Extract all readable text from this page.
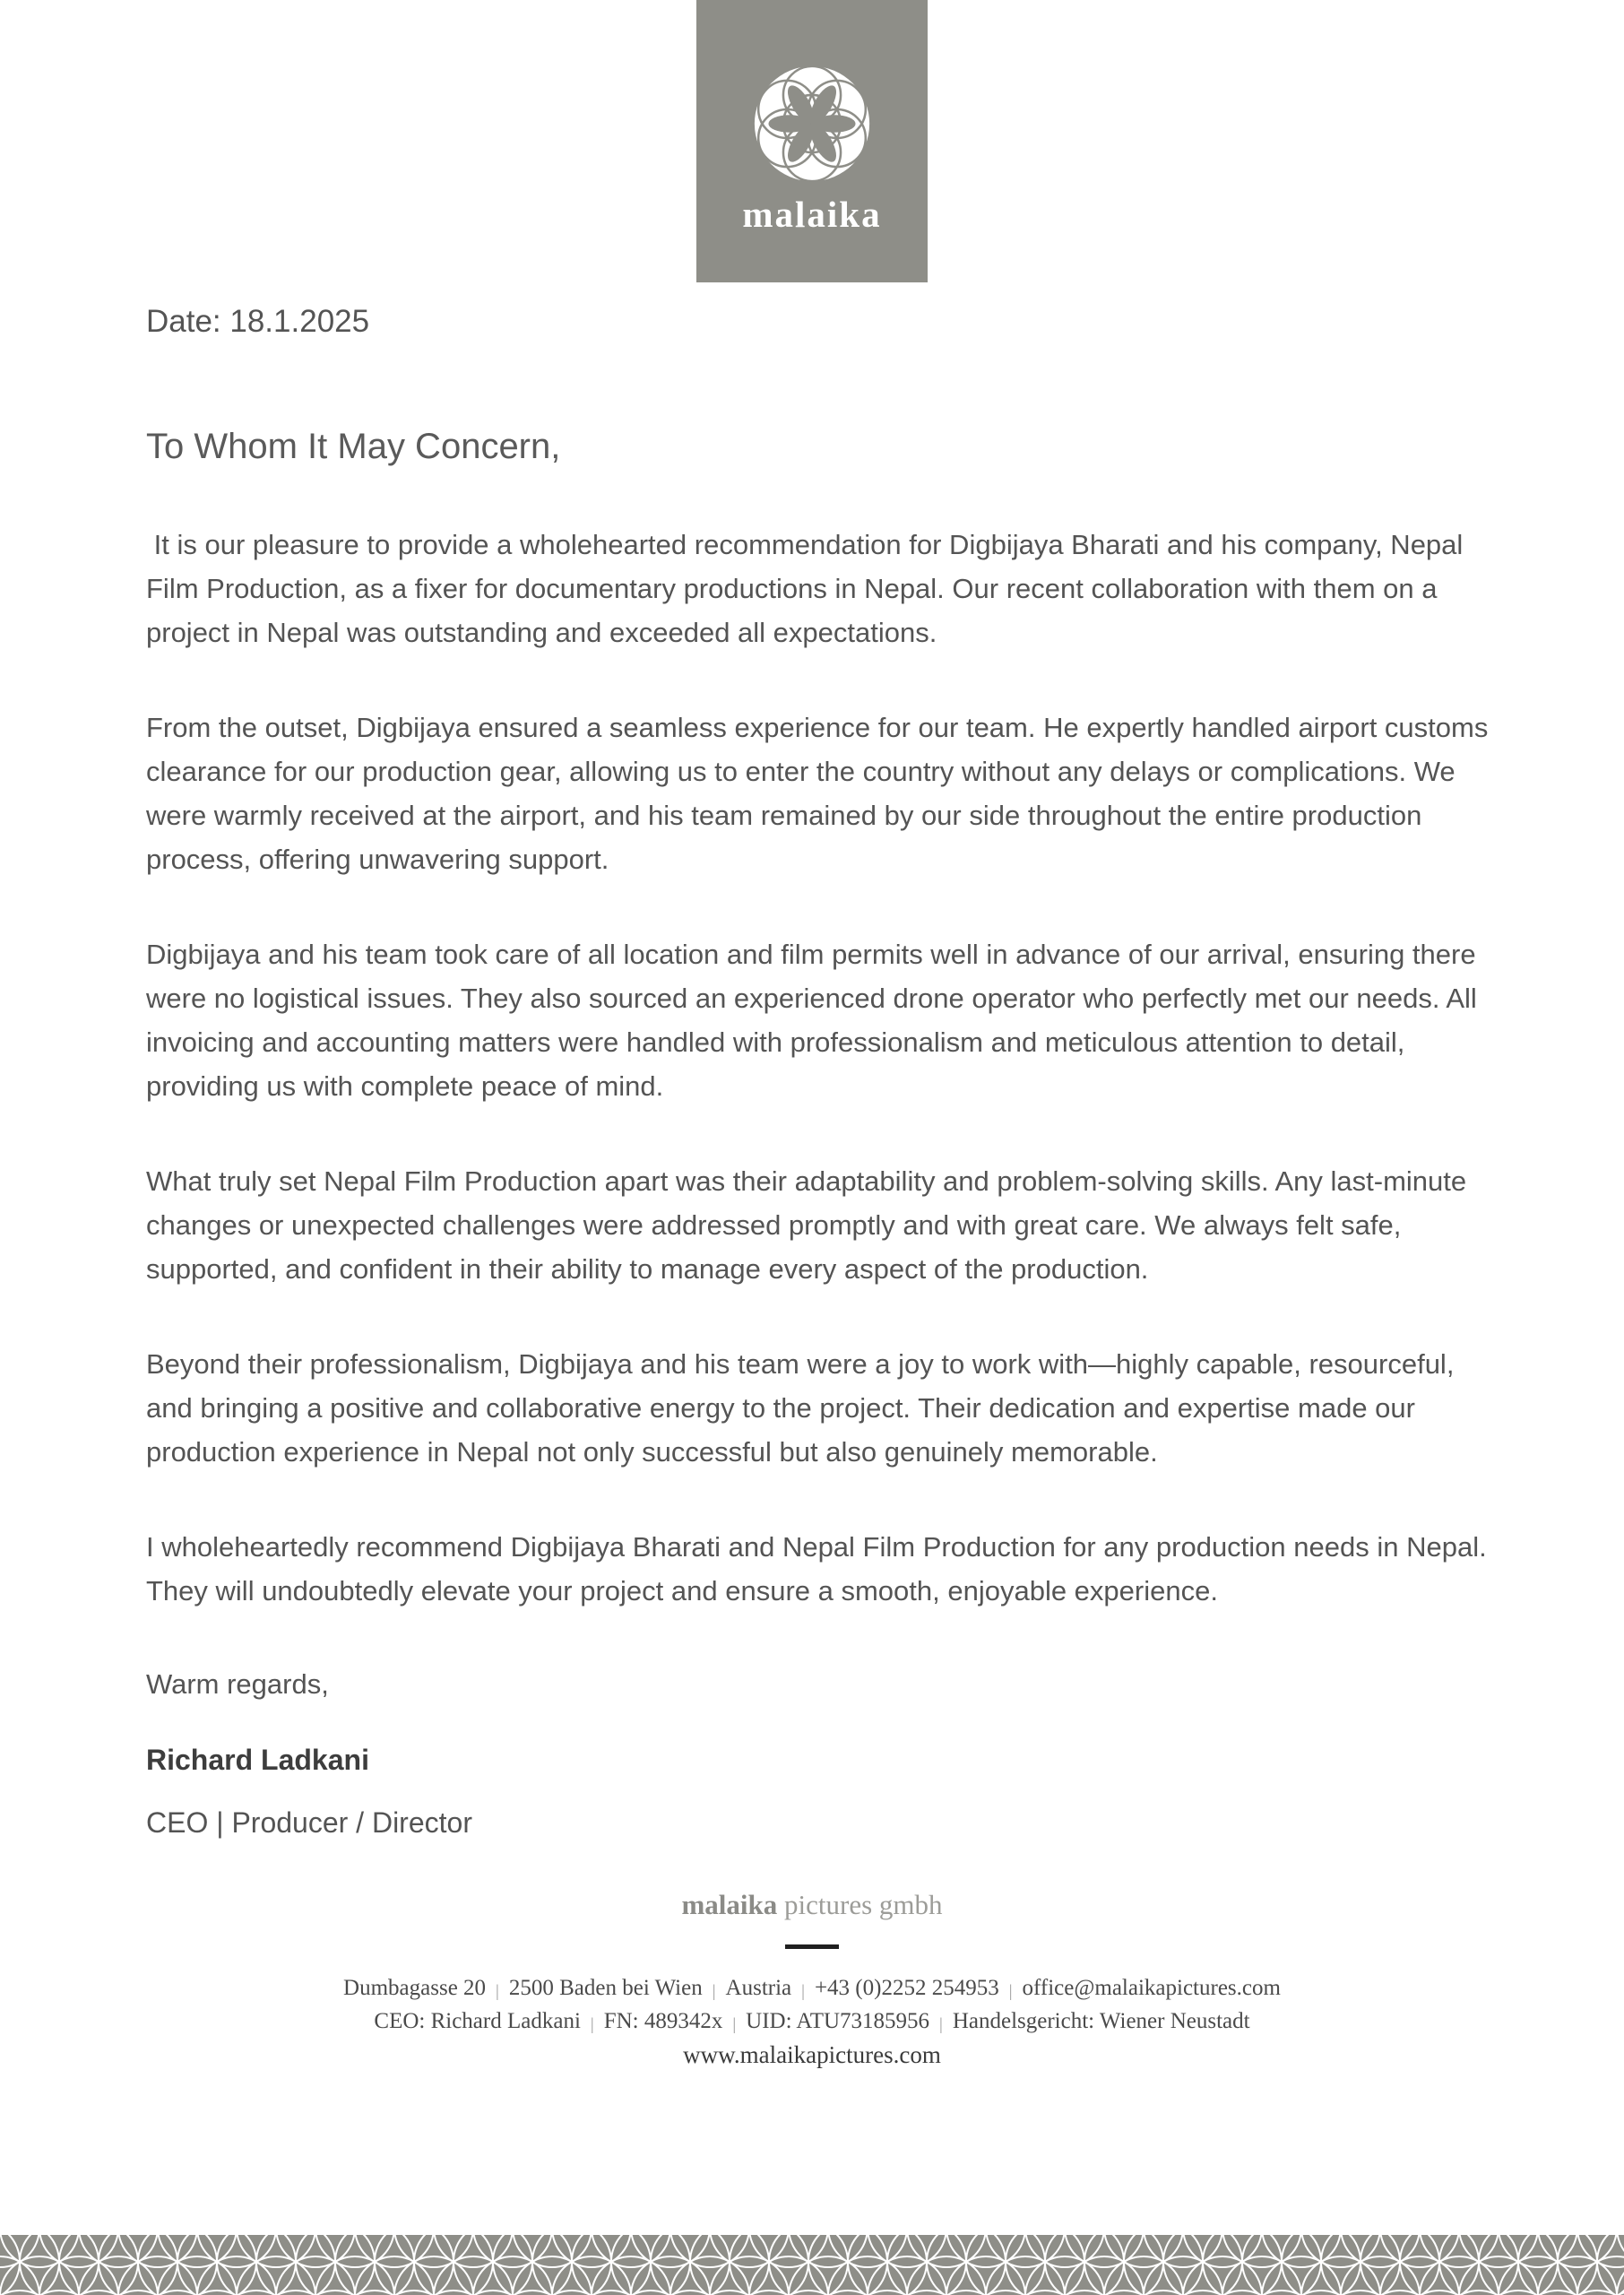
malaika
Date: 18.1.2025
To Whom It May Concern,

It is our pleasure to provide a wholehearted recommendation for Digbijaya Bharati and his company, Nepal Film Production, as a fixer for documentary productions in Nepal. Our recent collaboration with them on a project in Nepal was outstanding and exceeded all expectations.

From the outset, Digbijaya ensured a seamless experience for our team. He expertly handled airport customs clearance for our production gear, allowing us to enter the country without any delays or complications. We were warmly received at the airport, and his team remained by our side throughout the entire production process, offering unwavering support.

Digbijaya and his team took care of all location and film permits well in advance of our arrival, ensuring there were no logistical issues. They also sourced an experienced drone operator who perfectly met our needs. All invoicing and accounting matters were handled with professionalism and meticulous attention to detail, providing us with complete peace of mind.

What truly set Nepal Film Production apart was their adaptability and problem-solving skills. Any last-minute changes or unexpected challenges were addressed promptly and with great care. We always felt safe, supported, and confident in their ability to manage every aspect of the production.

Beyond their professionalism, Digbijaya and his team were a joy to work with—highly capable, resourceful, and bringing a positive and collaborative energy to the project. Their dedication and expertise made our production experience in Nepal not only successful but also genuinely memorable.

I wholeheartedly recommend Digbijaya Bharati and Nepal Film Production for any production needs in Nepal. They will undoubtedly elevate your project and ensure a smooth, enjoyable experience.

Warm regards,
Richard Ladkani
CEO | Producer / Director
malaika pictures gmbh
Dumbagasse 20 | 2500 Baden bei Wien | Austria | +43 (0)2252 254953 | office@malaikapictures.com
CEO: Richard Ladkani | FN: 489342x | UID: ATU73185956 | Handelsgericht: Wiener Neustadt
www.malaikapictures.com
